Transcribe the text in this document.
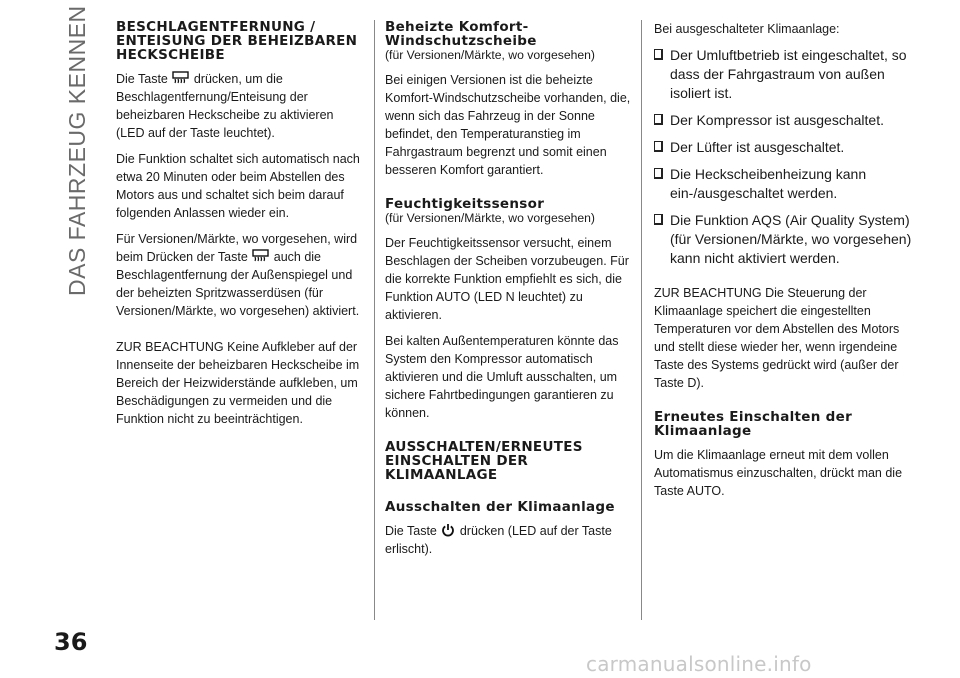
DAS FAHRZEUG KENNEN
36
BESCHLAGENTFERNUNG / ENTEISUNG DER BEHEIZBAREN HECKSCHEIBE

Die Taste drücken, um die Beschlagentfernung/Enteisung der beheizbaren Heckscheibe zu aktivieren (LED auf der Taste leuchtet).

Die Funktion schaltet sich automatisch nach etwa 20 Minuten oder beim Abstellen des Motors aus und schaltet sich beim darauf folgenden Anlassen wieder ein.

Für Versionen/Märkte, wo vorgesehen, wird beim Drücken der Taste auch die Beschlagentfernung der Außenspiegel und der beheizten Spritzwasserdüsen (für Versionen/Märkte, wo vorgesehen) aktiviert.

ZUR BEACHTUNG Keine Aufkleber auf der Innenseite der beheizbaren Heckscheibe im Bereich der Heizwiderstände aufkleben, um Beschädigungen zu vermeiden und die Funktion nicht zu beeinträchtigen.

Beheizte Komfort-Windschutzscheibe

(für Versionen/Märkte, wo vorgesehen)

Bei einigen Versionen ist die beheizte Komfort-Windschutzscheibe vorhanden, die, wenn sich das Fahrzeug in der Sonne befindet, den Temperaturanstieg im Fahrgastraum begrenzt und somit einen besseren Komfort garantiert.

Feuchtigkeitssensor

(für Versionen/Märkte, wo vorgesehen)

Der Feuchtigkeitssensor versucht, einem Beschlagen der Scheiben vorzubeugen. Für die korrekte Funktion empfiehlt es sich, die Funktion AUTO (LED N leuchtet) zu aktivieren.

Bei kalten Außentemperaturen könnte das System den Kompressor automatisch aktivieren und die Umluft ausschalten, um sichere Fahrtbedingungen garantieren zu können.

AUSSCHALTEN/ERNEUTES EINSCHALTEN DER KLIMAANLAGE
Ausschalten der Klimaanlage

Die Taste drücken (LED auf der Taste erlischt).

Bei ausgeschalteter Klimaanlage:

Der Umluftbetrieb ist eingeschaltet, so dass der Fahrgastraum von außen isoliert ist.
Der Kompressor ist ausgeschaltet.
Der Lüfter ist ausgeschaltet.
Die Heckscheibenheizung kann ein-/ausgeschaltet werden.
Die Funktion AQS (Air Quality System) (für Versionen/Märkte, wo vorgesehen) kann nicht aktiviert werden.

ZUR BEACHTUNG Die Steuerung der Klimaanlage speichert die eingestellten Temperaturen vor dem Abstellen des Motors und stellt diese wieder her, wenn irgendeine Taste des Systems gedrückt wird (außer der Taste D).

Erneutes Einschalten der Klimaanlage

Um die Klimaanlage erneut mit dem vollen Automatismus einzuschalten, drückt man die Taste AUTO.

carmanualsonline.info
